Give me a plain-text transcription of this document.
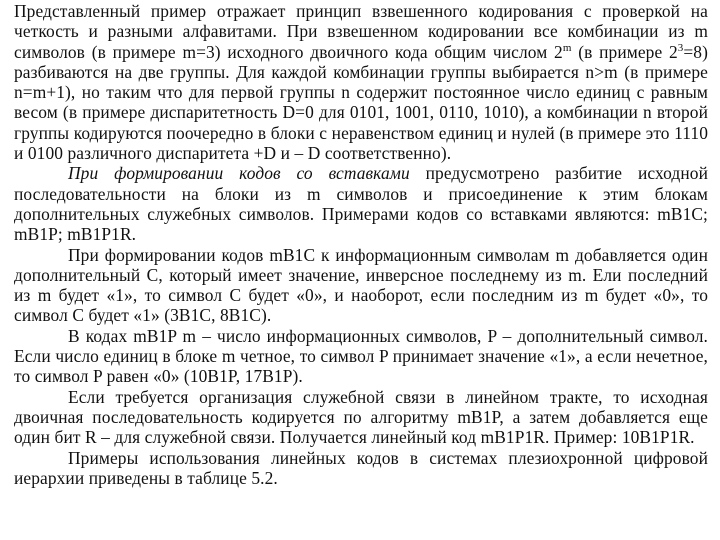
Представленный пример отражает принцип взвешенного кодирования с проверкой на четкость и разными алфавитами. При взвешенном кодировании все комбинации из m символов (в примере m=3) исходного двоичного кода общим числом 2$^m$ (в примере $2^3=8$) разбиваются на две группы. Для каждой комбинации группы выбирается n>m (в примере n=m+1), но таким что для первой группы n содержит постоянное число единиц с равным весом (в примере диспаритетность D=0 для 0101, 1001, 0110, 1010), а комбинации n второй группы кодируются поочередно в блоки с неравенством единиц и нулей (в примере это 1110 и 0100 различного диспаритета +D и – D соответственно).

При формировании кодов со вставками предусмотрено разбитие исходной последовательности на блоки из m символов и присоединение к этим блокам дополнительных служебных символов. Примерами кодов со вставками являются: mB1C; mB1P; mB1P1R.

При формировании кодов mB1C к информационным символам m добавляется один дополнительный C, который имеет значение, инверсное последнему из m. Ели последний из m будет «1», то символ C будет «0», и наоборот, если последним из m будет «0», то символ C будет «1» (3B1C, 8B1C).

В кодах mB1P m – число информационных символов, P – дополнительный символ. Если число единиц в блоке m четное, то символ P принимает значение «1», а если нечетное, то символ P равен «0» (10B1P, 17B1P).

Если требуется организация служебной связи в линейном тракте, то исходная двоичная последовательность кодируется по алгоритму mB1P, а затем добавляется еще один бит R – для служебной связи. Получается линейный код mB1P1R. Пример: 10B1P1R.

Примеры использования линейных кодов в системах плезиохронной цифровой иерархии приведены в таблице 5.2.
